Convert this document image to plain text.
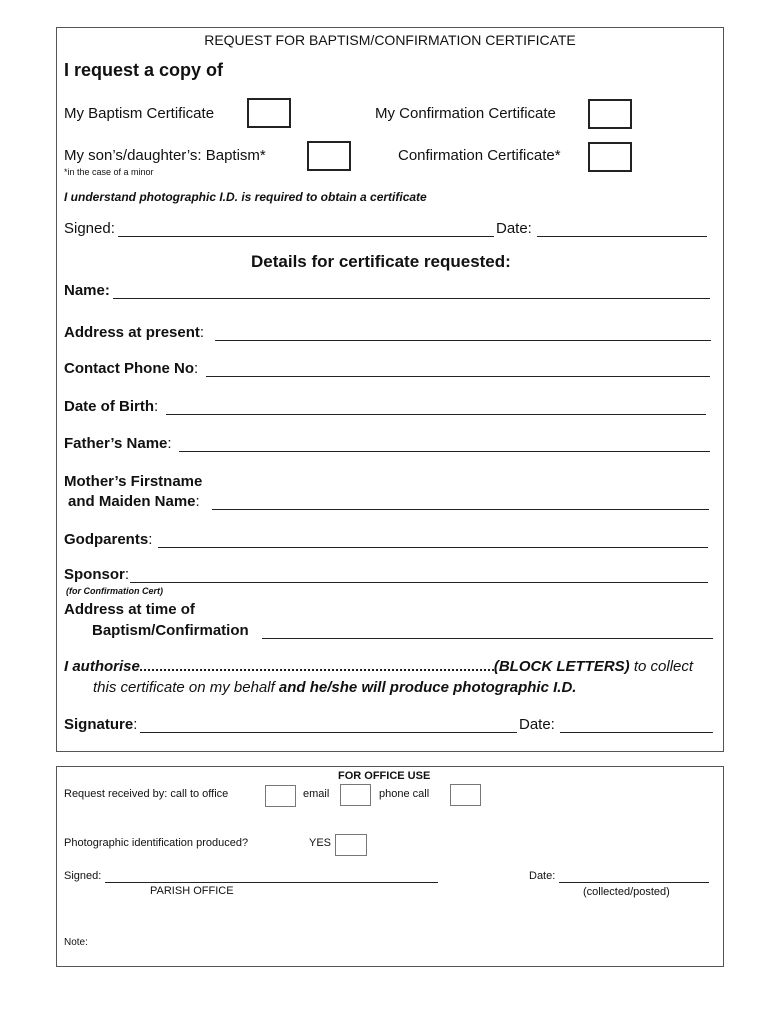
REQUEST FOR BAPTISM/CONFIRMATION CERTIFICATE
I request a copy of
My Baptism Certificate	My Confirmation Certificate
My son’s/daughter’s: Baptism*	Confirmation Certificate*
*in the case of a minor
I understand photographic I.D. is required to obtain a certificate
Signed:	Date:
Details for certificate requested:
Name:
Address at present:
Contact Phone No:
Date of Birth:
Father’s Name:
Mother’s Firstname
and Maiden Name:
Godparents:
Sponsor:
(for Confirmation Cert)
Address at time of
Baptism/Confirmation
I authorise	(BLOCK LETTERS) to collect
this certificate on my behalf and he/she will produce photographic I.D.
Signature:	Date:
FOR OFFICE USE
Request received by: call to office	email	phone call
Photographic identification produced?	YES
Signed:
PARISH OFFICE
Date:
(collected/posted)
Note:
